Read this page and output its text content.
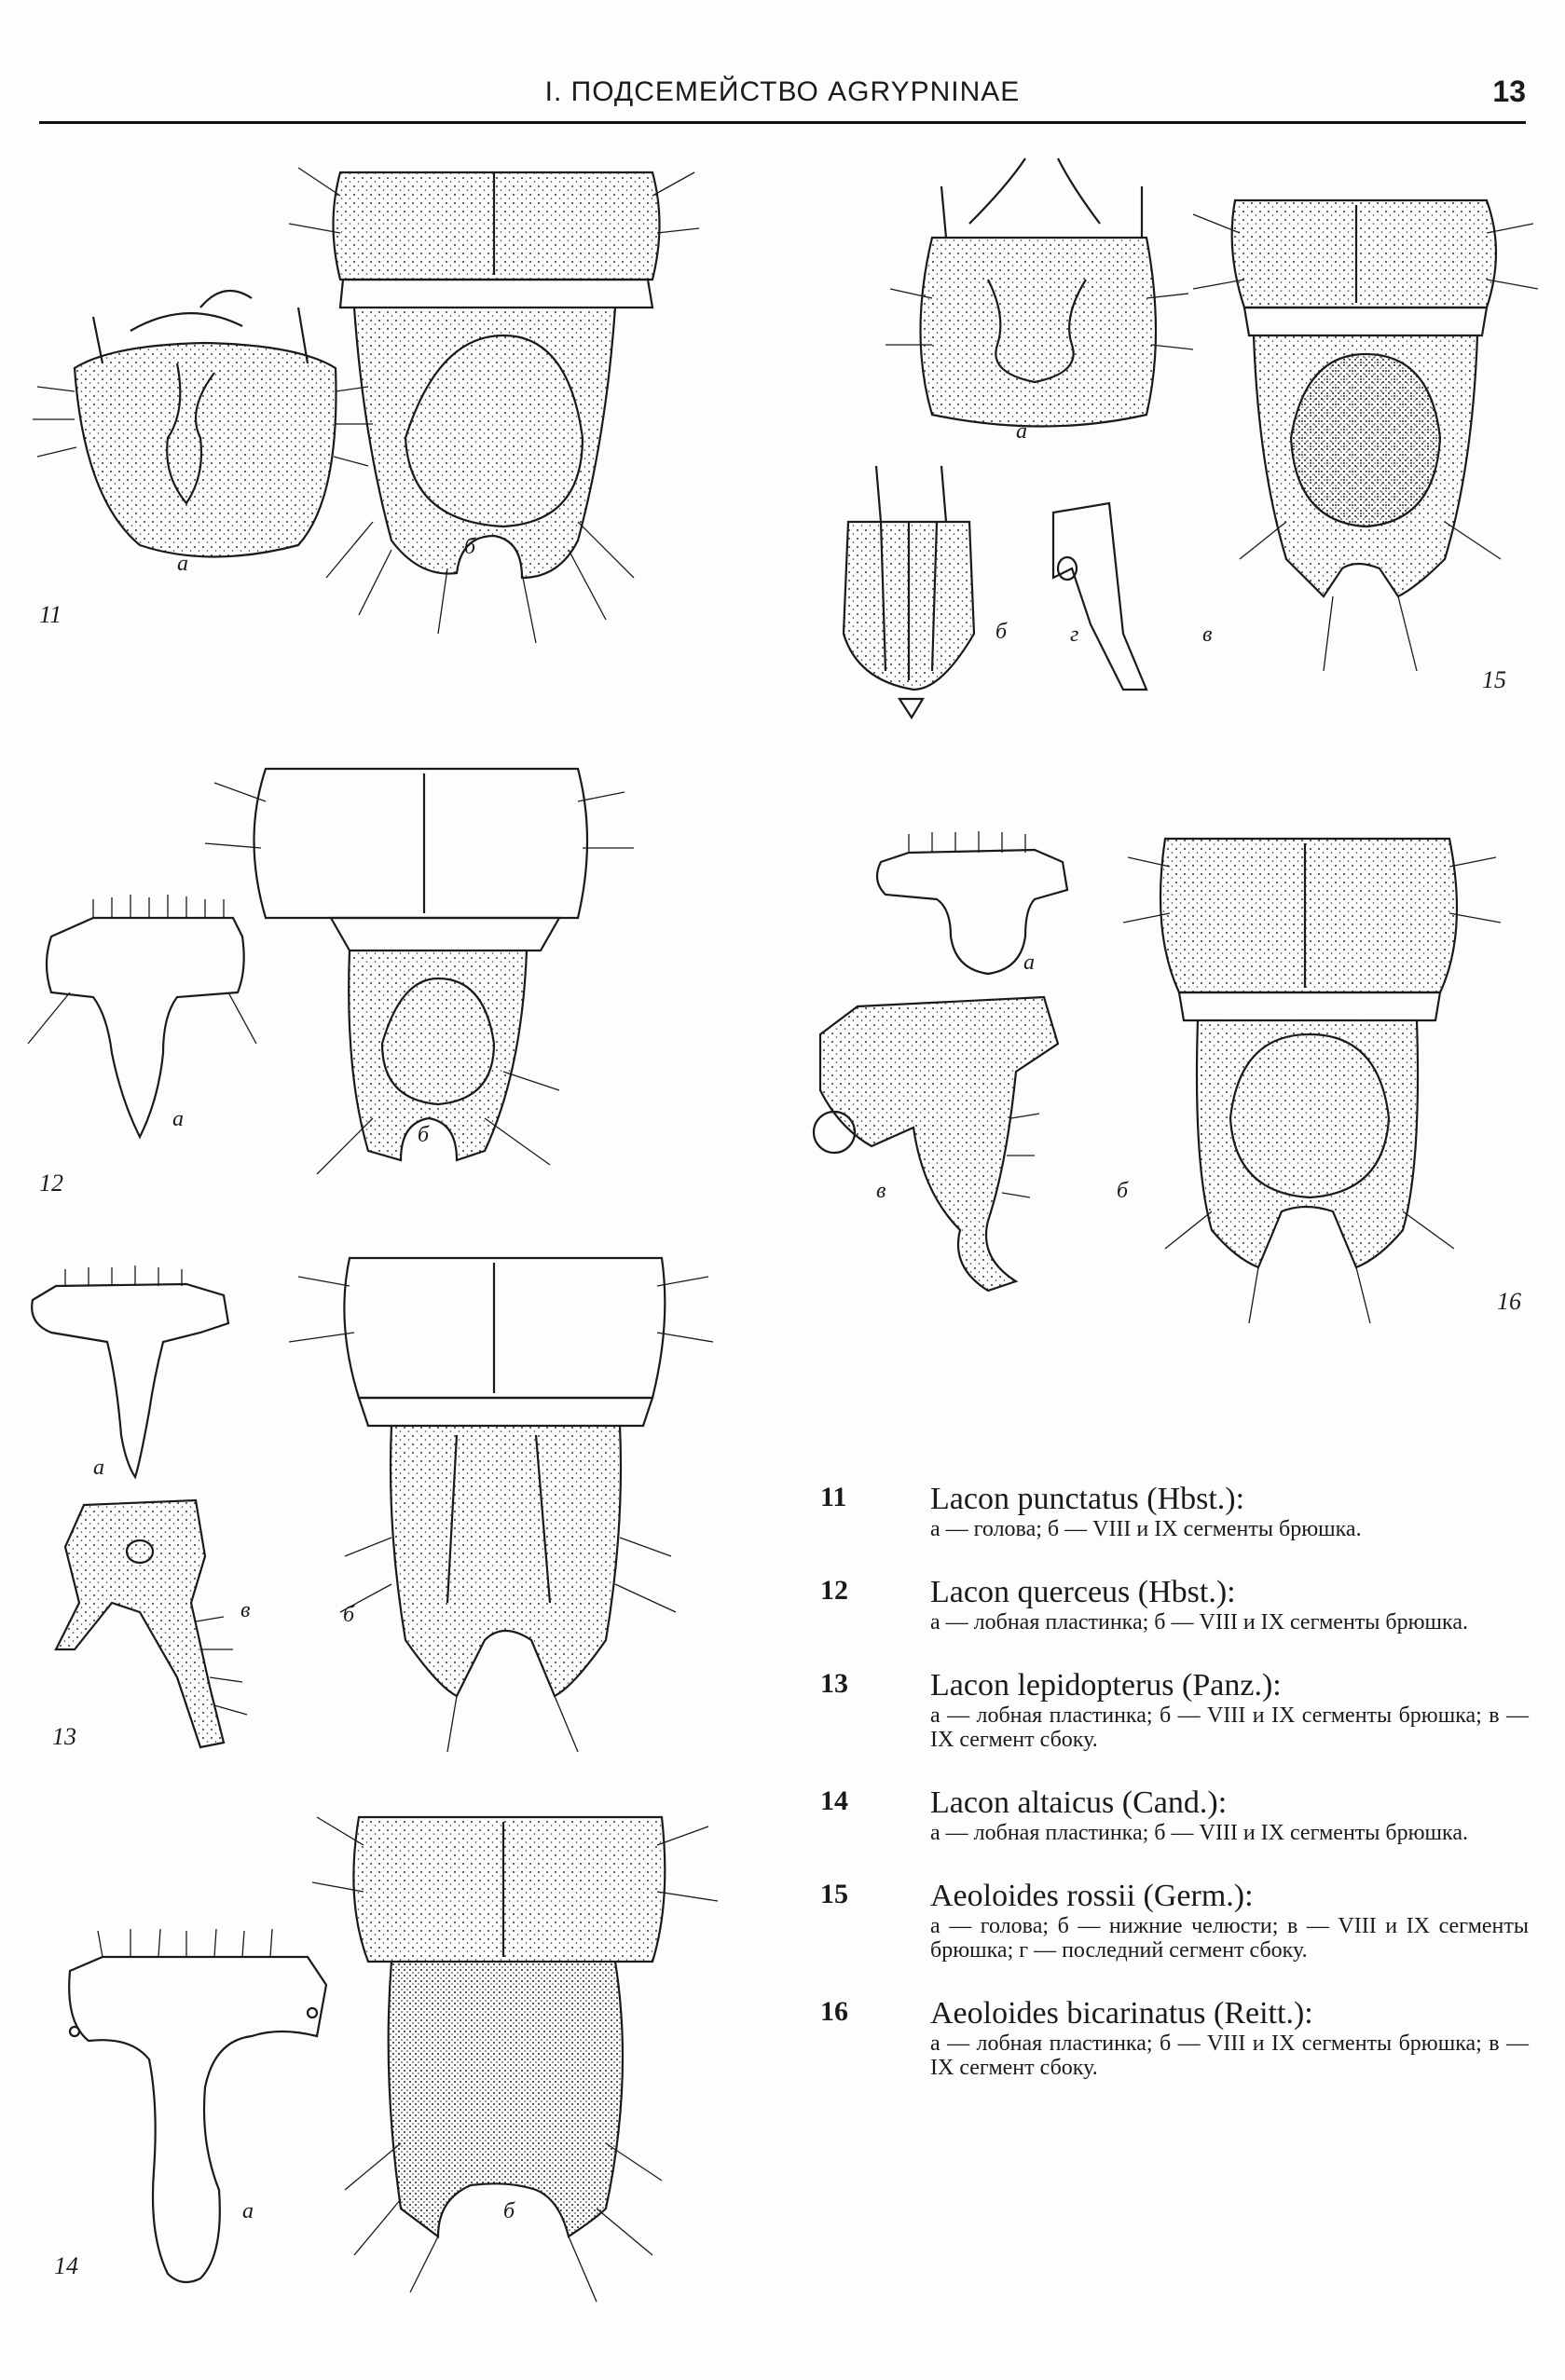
I. ПОДСЕМЕЙСТВО AGRYPNINAE	13
а
б
11
а
б
12
а
в	б
13
а	б
14
а
б	г	в
15
а
в	б
16
11	Lacon punctatus (Hbst.):
а — голова; б — VIII и IX сегменты брюшка.
12	Lacon querceus (Hbst.):
а — лобная пластинка; б — VIII и IX сегменты брюшка.
13	Lacon lepidopterus (Panz.):
а — лобная пластинка; б — VIII и IX сегменты брюшка; в — IX сегмент сбоку.
14	Lacon altaicus (Cand.):
а — лобная пластинка; б — VIII и IX сегменты брюшка.
15	Aeoloides rossii (Germ.):
а — голова; б — нижние челюсти; в — VIII и IX сегменты брюшка; г — последний сегмент сбоку.
16	Aeoloides bicarinatus (Reitt.):
а — лобная пластинка; б — VIII и IX сегменты брюшка; в — IX сегмент сбоку.
